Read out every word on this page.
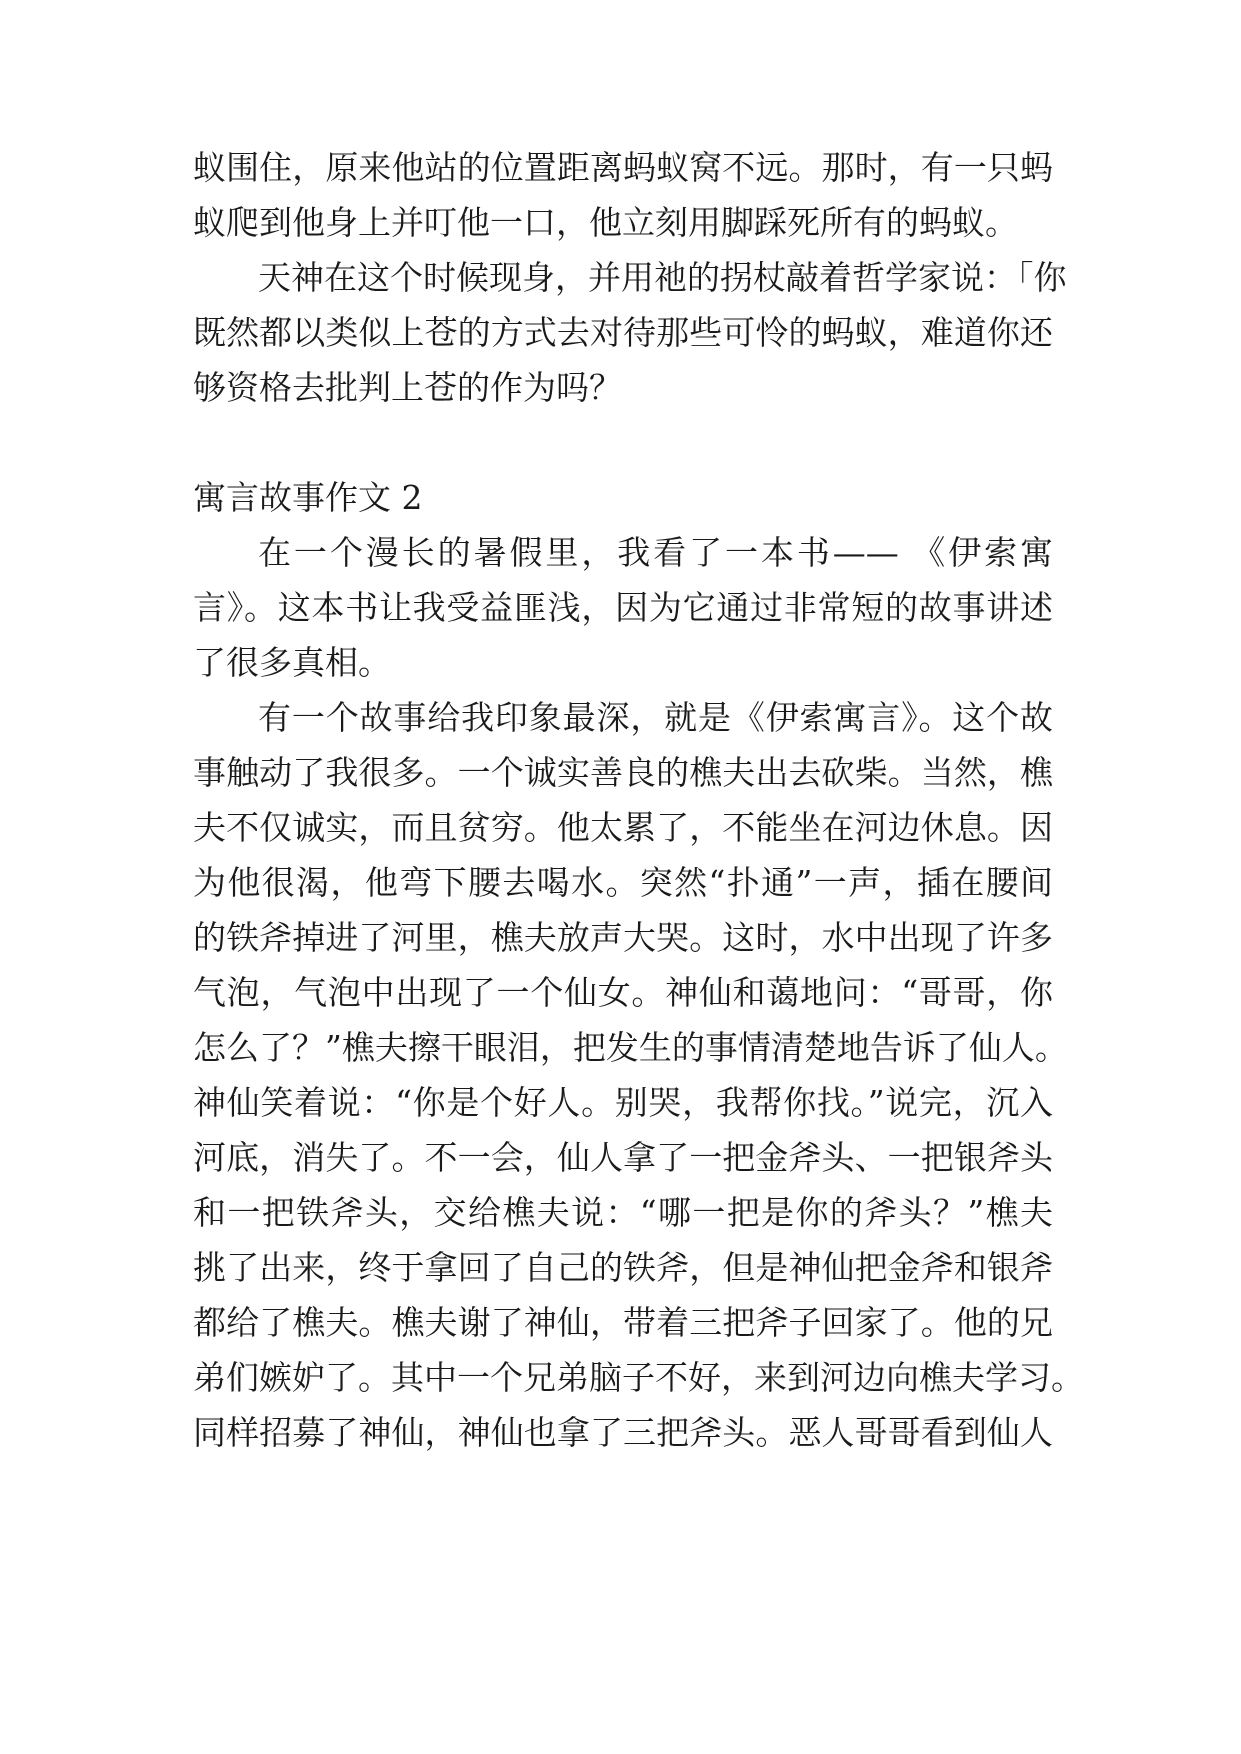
蚁围住，原来他站的位置距离蚂蚁窝不远。那时，有一只蚂
蚁爬到他身上并叮他一口，他立刻用脚踩死所有的蚂蚁。
天神在这个时候现身，并用祂的拐杖敲着哲学家说：「你
既然都以类似上苍的方式去对待那些可怜的蚂蚁，难道你还
够资格去批判上苍的作为吗？
寓言故事作文 2
在一个漫长的暑假里，我看了一本书—— 《伊索寓
言》。这本书让我受益匪浅，因为它通过非常短的故事讲述
了很多真相。
有一个故事给我印象最深，就是《伊索寓言》。这个故
事触动了我很多。一个诚实善良的樵夫出去砍柴。当然，樵
夫不仅诚实，而且贫穷。他太累了，不能坐在河边休息。因
为他很渴，他弯下腰去喝水。突然“扑通”一声，插在腰间
的铁斧掉进了河里，樵夫放声大哭。这时，水中出现了许多
气泡，气泡中出现了一个仙女。神仙和蔼地问：“哥哥，你
怎么了？”樵夫擦干眼泪，把发生的事情清楚地告诉了仙人。
神仙笑着说：“你是个好人。别哭，我帮你找。”说完，沉入
河底，消失了。不一会，仙人拿了一把金斧头、一把银斧头
和一把铁斧头，交给樵夫说：“哪一把是你的斧头？”樵夫
挑了出来，终于拿回了自己的铁斧，但是神仙把金斧和银斧
都给了樵夫。樵夫谢了神仙，带着三把斧子回家了。他的兄
弟们嫉妒了。其中一个兄弟脑子不好，来到河边向樵夫学习。
同样招募了神仙，神仙也拿了三把斧头。恶人哥哥看到仙人
